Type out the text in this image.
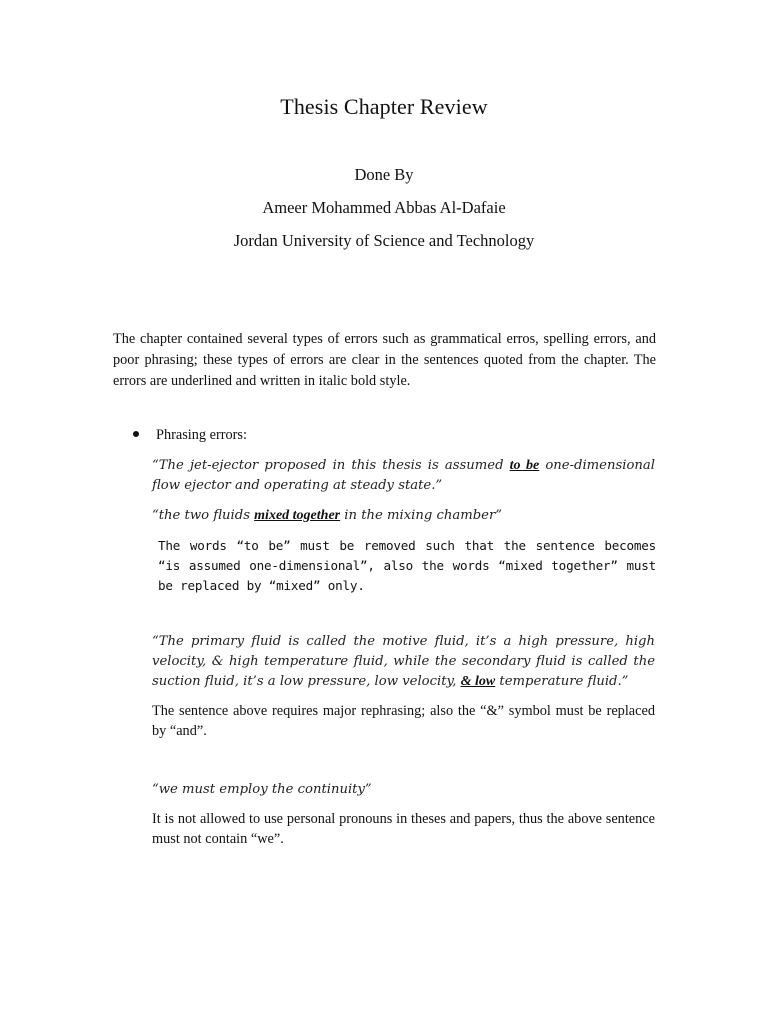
Thesis Chapter Review
Done By
Ameer Mohammed Abbas Al-Dafaie
Jordan University of Science and Technology
The chapter contained several types of errors such as grammatical erros, spelling errors, and poor phrasing; these types of errors are clear in the sentences quoted from the chapter. The errors are underlined and written in italic bold style.
Phrasing errors:
“The jet-ejector proposed in this thesis is assumed to be one-dimensional flow ejector and operating at steady state.”
“the two fluids mixed together in the mixing chamber”
The words “to be” must be removed such that the sentence becomes “is assumed one-dimensional”, also the words “mixed together” must be replaced by “mixed” only.
“The primary fluid is called the motive fluid, it’s a high pressure, high velocity, & high temperature fluid, while the secondary fluid is called the suction fluid, it’s a low pressure, low velocity, & low temperature fluid.”
The sentence above requires major rephrasing; also the “&” symbol must be replaced by “and”.
“we must employ the continuity”
It is not allowed to use personal pronouns in theses and papers, thus the above sentence must not contain “we”.
